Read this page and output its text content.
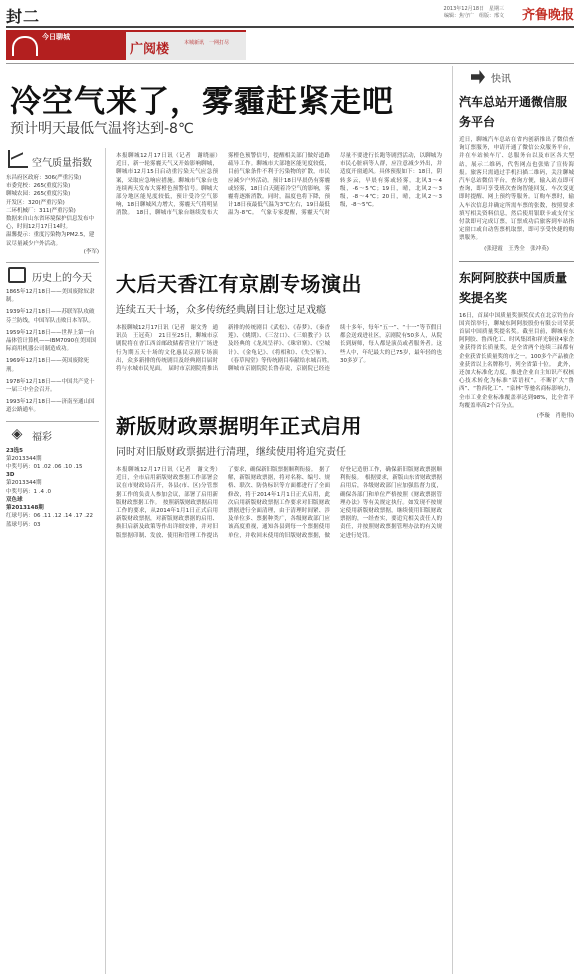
封二	2013年12月18日　星期三
编辑：焦守广　组版：邢文 齐鲁晚报
今日聊城
广阅楼	本城新讯　一网打尽
冷空气来了，雾霾赶紧走吧
预计明天最低气温将达到-8℃
空气质量指数
东昌府区政府：306(严重污染)
市委党校：265(重度污染)
聊城农园：265(重度污染)
开发区：320(严重污染)
二环机械厂：311(严重污染)
数据来自山东省环境保护信息发布中心，时间12月17日14时。
温馨提示：重度污染物为PM2.5，建议尽量减少户外活动。
(李军)
历史上的今天
1865年12月18日——美国废除奴隶制。
1939年12月18日——苏联军队攻破芬兰防线，中国军队击败日本军队。
1959年12月18日——世界上第一台晶体管计算机——IBM7090在美国国际商用机器公司制造成功。
1969年12月18日——英国废除死刑。
1978年12月18日——中国共产党十一届三中全会召开。
1993年12月18日——济南至通山国道公路通车。
◈ 福彩
23选5
第2013344期
中奖号码：01 .02 .06 .10 .15
3D
第2013344期
中奖号码：1 .4 .0
双色球
第2013148期
红球号码：06 .11 .12 .14 .17 .22
蓝球号码：03
本报聊城12月17日讯（记者　谢晓丽）　近日，新一轮雾霾天气又开始影响聊城，聊城市12月15日启动重污染天气应急预案，采取应急响应措施。聊城市气象台也连续两天发布大雾橙色预警信号。聊城大部分地区能见度较低，预计受冷空气影响，18日聊城风力增大，雾霾天气将明显消散。　18日，聊城市气象台继续发布大雾橙色预警信号，提醒相关部门做好道路疏导工作。聊城市大部地区能见度较低，目前气象条件不利于污染物的扩散，市民应减少户外活动。预计18日早晨仍有雾霾或轻雾，18日白天随着冷空气的影响，雾霾将逐渐消散。同时，温度也将下降，预计18日夜最低气温为3℃左右，19日最低温为-8℃。　气象专家提醒，雾霾天气时尽量不要进行长跑等剧烈活动，以聊城为市民心脏病等人群，应注意减少外出，并适度开窗通风。具体预报如下：18日，阴转多云，早晨有雾或轻雾，北风3～4级，-6～5℃；19日，晴，北风2～3级，-8～4℃；20日，晴，北风2～3级，-8～5℃。
大后天香江有京剧专场演出
连续五天十场，众多传统经典剧目让您过足戏瘾
本报聊城12月17日讯（记者　谢文秀　通讯员　王冠英）　21日至25日，聊城市京剧院将在香江西首邮政储蓄营业厅广场进行为期五天十场的文化惠民京剧专场演出，众多新排的传统剧目及经典剧目届时将与水城市民见面。　届时市京剧院将推出新排的传统剧目《武松》、《春梦》、《秦香莲》、《姚期》、《三岔口》、《三娘教子》以及经典的《龙凤呈祥》、《珠帘寨》、《空城计》、《金龟记》、《将相和》、《失空斩》、《春草闯堂》等传统剧目奉献给水城百姓。　聊城市京剧院院长鲁春说，京剧院已经连续十多年，每年“五一”、“十一”等节假日都会送戏进社区，京剧院有50多人，从院长到厨师，每人都是演员或者服务者。这些人中，年纪最大的已75岁，最年轻的也30多岁了。
新版财政票据明年正式启用
同时对旧版财政票据进行清理，继续使用将追究责任
本报聊城12月17日讯（记者　谢文秀）　近日，全市启用新版财政票据工作部署会议在市财政局召开，各县(市、区)分管票据工作的负责人参加会议，部署了启用新版财政票据工作。　按照新版财政票据启用工作的要求，从2014年1月1日正式启用新版财政票据，对新版财政票据的启用、换旧启新及政策等作出详细安排，并对旧版票据印制、发放、使用和管理工作提出了要求，确保新旧版票据顺利衔接。　据了解，新版财政票据，将对名称、编号、规格、联次、防伪标识等方面都进行了全面修改，将于2014年1月1日正式启用，此次启用新版财政票据工作要求对旧版财政票据进行全面清理，由于清理时间紧、涉及单位多、票据种类广，各级财政部门应该高度重视，通知各县到每一个票据使用单位，并收回未使用的旧版财政票据，做好登记造册工作，确保新旧版财政票据顺利衔接。　根据要求，新版山东省财政票据启用后，各级财政部门应加强监督力度，确保各部门和单位严格按照《财政票据管理办法》等有关规定执行。如发现不按规定使用新版财政票据，继续使用旧版财政票据的，一经查实，要追究相关责任人的责任，并按照财政票据管理办法的有关规定进行处罚。
快讯
汽车总站开通微信服务平台
近日，聊城汽车总站在省内创新推出了微信查询订票服务，申请开通了微信公众服务平台，并在车站候车厅、总服务台以及市区各大型站，展示二维码，代售网点也张贴了宣传海报。旅客只需通过手机扫描二维码，关注聊城汽车总站微信平台，查询方便，输入站点即可查询，即可享受班次查询智能回复、车次变更即时提醒、网上预约等服务。订购车票时，输入车次信息并确定所需车票的张数，按照要求填写相关资料信息，然后使用银联卡或支付宝付款即可完成订票，订票成功后旅客到车站指定窗口或自动售票机取票，即可享受快捷的购票服务。
(张迎霞　王秀全　张冲英)
东阿阿胶获中国质量奖提名奖
16日，首届中国质量奖颁奖仪式在北京钓鱼台国宾馆举行，聊城东阿阿胶股份有限公司荣获首届中国质量奖提名奖。截至目前，聊城有东阿阿胶、鲁西化工、时风集团和祥光铜业4家企业获得省长质量奖，是全省两个连续三届都有企业获省长质量奖的市之一。100多个产品被企业获省以上名牌称号，列全省第十位。　此外，还加大标准化力度，推进企业自主知识产权核心技术转化为标准“话语权”。不断扩大“鲁西”、“鲁西化工”、“泉林”等驰名商标影响力，全市工业企业标准覆盖率达到98%，比全省平均覆盖率高2个百分点。
(李璇　肖艳伟)
